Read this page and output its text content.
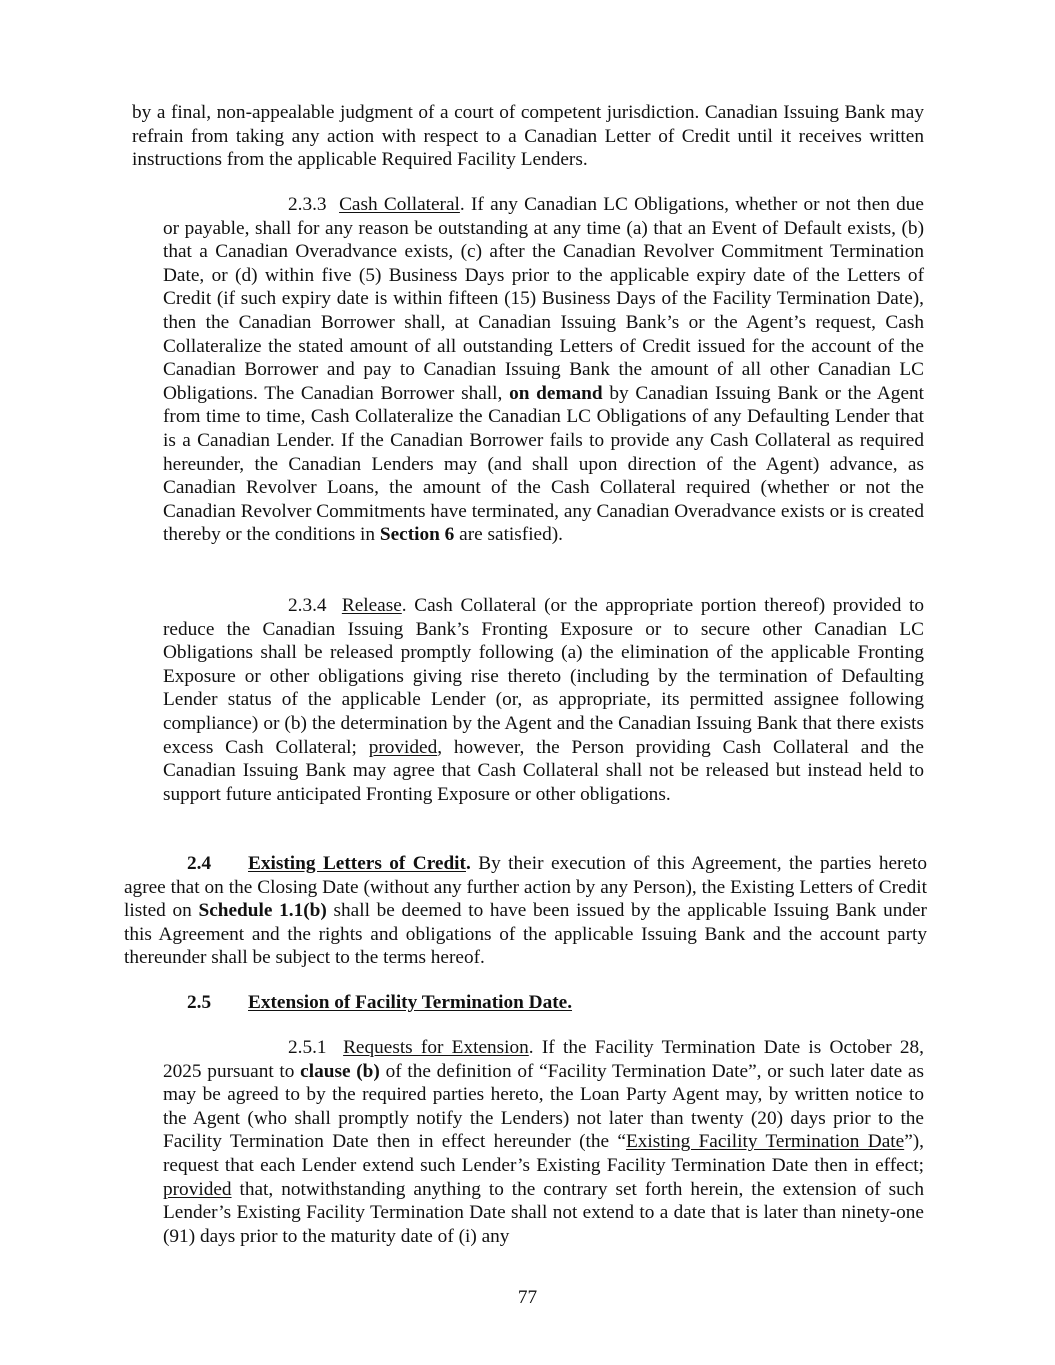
by a final, non-appealable judgment of a court of competent jurisdiction. Canadian Issuing Bank may refrain from taking any action with respect to a Canadian Letter of Credit until it receives written instructions from the applicable Required Facility Lenders.

2.3.3 Cash Collateral. If any Canadian LC Obligations, whether or not then due or payable, shall for any reason be outstanding at any time (a) that an Event of Default exists, (b) that a Canadian Overadvance exists, (c) after the Canadian Revolver Commitment Termination Date, or (d) within five (5) Business Days prior to the applicable expiry date of the Letters of Credit (if such expiry date is within fifteen (15) Business Days of the Facility Termination Date), then the Canadian Borrower shall, at Canadian Issuing Bank’s or the Agent’s request, Cash Collateralize the stated amount of all outstanding Letters of Credit issued for the account of the Canadian Borrower and pay to Canadian Issuing Bank the amount of all other Canadian LC Obligations. The Canadian Borrower shall, on demand by Canadian Issuing Bank or the Agent from time to time, Cash Collateralize the Canadian LC Obligations of any Defaulting Lender that is a Canadian Lender. If the Canadian Borrower fails to provide any Cash Collateral as required hereunder, the Canadian Lenders may (and shall upon direction of the Agent) advance, as Canadian Revolver Loans, the amount of the Cash Collateral required (whether or not the Canadian Revolver Commitments have terminated, any Canadian Overadvance exists or is created thereby or the conditions in Section 6 are satisfied).

2.3.4 Release. Cash Collateral (or the appropriate portion thereof) provided to reduce the Canadian Issuing Bank’s Fronting Exposure or to secure other Canadian LC Obligations shall be released promptly following (a) the elimination of the applicable Fronting Exposure or other obligations giving rise thereto (including by the termination of Defaulting Lender status of the applicable Lender (or, as appropriate, its permitted assignee following compliance) or (b) the determination by the Agent and the Canadian Issuing Bank that there exists excess Cash Collateral; provided, however, the Person providing Cash Collateral and the Canadian Issuing Bank may agree that Cash Collateral shall not be released but instead held to support future anticipated Fronting Exposure or other obligations.

2.4 Existing Letters of Credit. By their execution of this Agreement, the parties hereto agree that on the Closing Date (without any further action by any Person), the Existing Letters of Credit listed on Schedule 1.1(b) shall be deemed to have been issued by the applicable Issuing Bank under this Agreement and the rights and obligations of the applicable Issuing Bank and the account party thereunder shall be subject to the terms hereof.

2.5 Extension of Facility Termination Date.

2.5.1 Requests for Extension. If the Facility Termination Date is October 28, 2025 pursuant to clause (b) of the definition of “Facility Termination Date”, or such later date as may be agreed to by the required parties hereto, the Loan Party Agent may, by written notice to the Agent (who shall promptly notify the Lenders) not later than twenty (20) days prior to the Facility Termination Date then in effect hereunder (the “Existing Facility Termination Date”), request that each Lender extend such Lender’s Existing Facility Termination Date then in effect; provided that, notwithstanding anything to the contrary set forth herein, the extension of such Lender’s Existing Facility Termination Date shall not extend to a date that is later than ninety-one (91) days prior to the maturity date of (i) any

77
